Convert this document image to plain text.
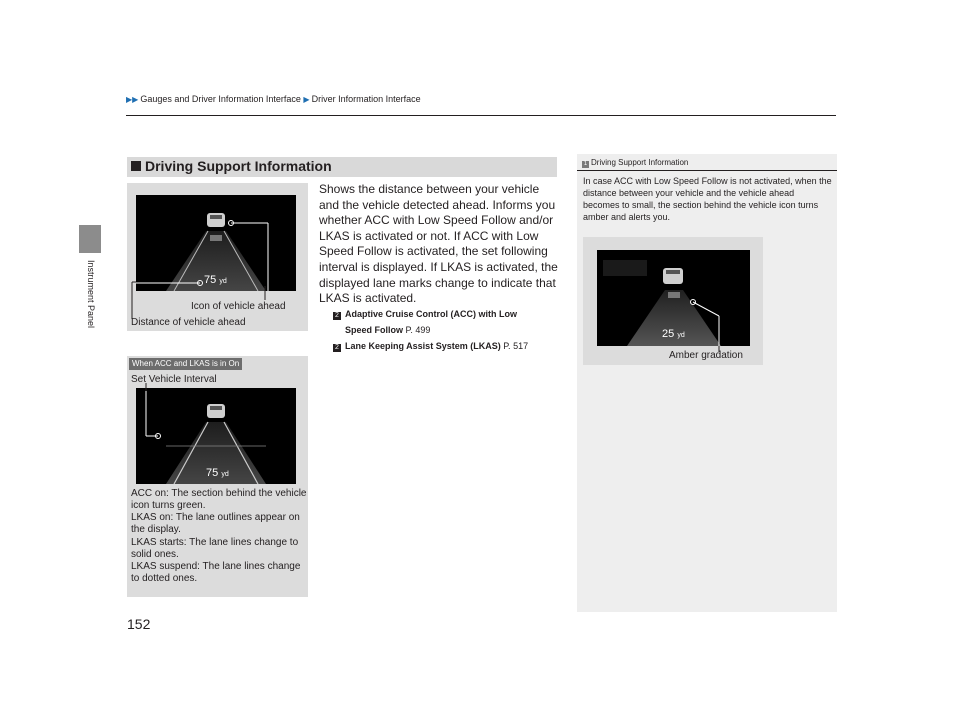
Instrument Panel
▶▶ Gauges and Driver Information Interface ▶ Driver Information Interface
Driving Support Information
75 yd
Icon of vehicle ahead
Distance of vehicle ahead
Shows the distance between your vehicle and the vehicle detected ahead. Informs you whether ACC with Low Speed Follow and/or LKAS is activated or not. If ACC with Low Speed Follow is activated, the set following interval is displayed. If LKAS is activated, the displayed lane marks change to indicate that LKAS is activated.
2 Adaptive Cruise Control (ACC) with Low
Speed Follow P. 499
2 Lane Keeping Assist System (LKAS) P. 517
When ACC and LKAS is in On
Set Vehicle Interval
75 yd
ACC on: The section behind the vehicle icon turns green.
LKAS on: The lane outlines appear on the display.
LKAS starts: The lane lines change to solid ones.
LKAS suspend: The lane lines change to dotted ones.
1 Driving Support Information
In case ACC with Low Speed Follow is not activated, when the distance between your vehicle and the vehicle ahead becomes to small, the section behind the vehicle icon turns amber and alerts you.
25 yd
Amber gradation
152
